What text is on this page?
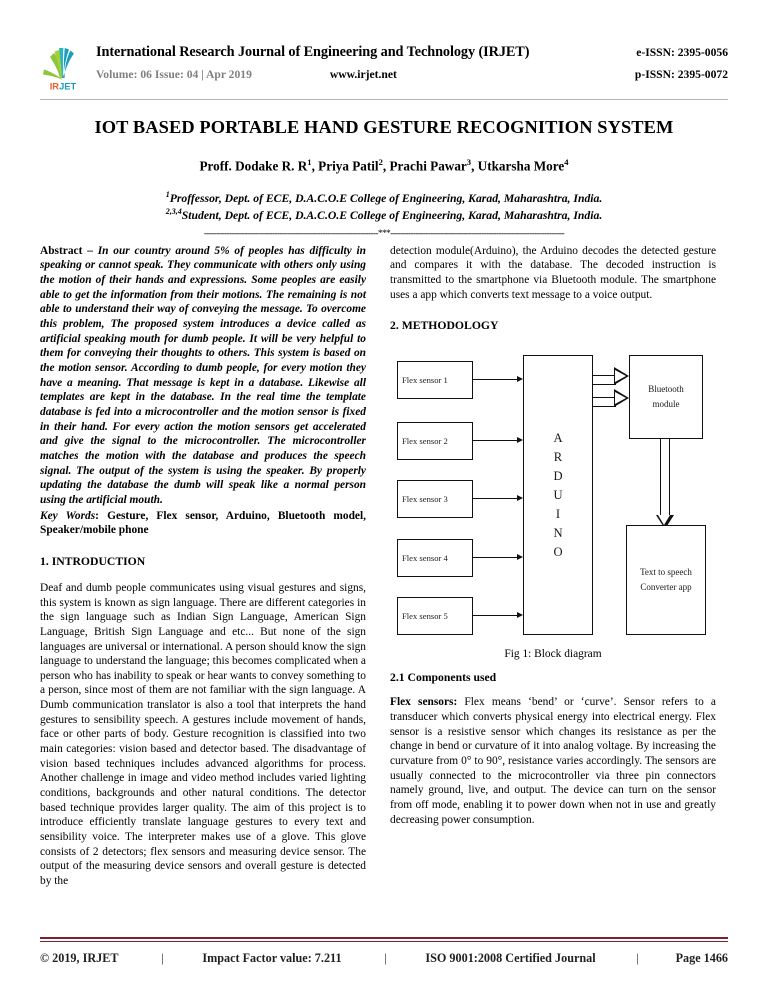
IRJET
International Research Journal of Engineering and Technology (IRJET)	e-ISSN: 2395-0056
Volume: 06 Issue: 04 | Apr 2019	www.irjet.net	p-ISSN: 2395-0072
IOT BASED PORTABLE HAND GESTURE RECOGNITION SYSTEM
Proff. Dodake R. $R^1$, Priya Patil$^2$, Prachi Pawar$^3$, Utkarsha More$^4$
$^1$Proffessor, Dept. of ECE, D.A.C.O.E College of Engineering, Karad, Maharashtra, India.
$^{2,3,4}$Student, Dept. of ECE, D.A.C.O.E College of Engineering, Karad, Maharashtra, India.
---------------------------------------------------------------------***---------------------------------------------------------------------

Abstract – In our country around 5% of peoples has difficulty in speaking or cannot speak. They communicate with others only using the motion of their hands and expressions. Some peoples are easily able to get the information from their motions. The remaining is not able to understand their way of conveying the message. To overcome this problem, The proposed system introduces a device called as artificial speaking mouth for dumb people. It will be very helpful to them for conveying their thoughts to others. This system is based on the motion sensor. According to dumb people, for every motion they have a meaning. That message is kept in a database. Likewise all templates are kept in the database. In the real time the template database is fed into a microcontroller and the motion sensor is fixed in their hand. For every action the motion sensors get accelerated and give the signal to the microcontroller. The microcontroller matches the motion with the database and produces the speech signal. The output of the system is using the speaker. By properly updating the database the dumb will speak like a normal person using the artificial mouth.

Key Words: Gesture, Flex sensor, Arduino, Bluetooth model, Speaker/mobile phone

1. INTRODUCTION

Deaf and dumb people communicates using visual gestures and signs, this system is known as sign language. There are different categories in the sign language such as Indian Sign Language, American Sign Language, British Sign Language and etc... But none of the sign languages are universal or international. A person should know the sign language to understand the language; this becomes complicated when a person who has inability to speak or hear wants to convey something to a person, since most of them are not familiar with the sign language. A Dumb communication translator is also a tool that interprets the hand gestures to sensibility speech. A gestures include movement of hands, face or other parts of body. Gesture recognition is classified into two main categories: vision based and detector based. The disadvantage of vision based techniques includes advanced algorithms for process. Another challenge in image and video method includes varied lighting conditions, backgrounds and other natural conditions. The detector based technique provides larger quality. The aim of this project is to introduce efficiently translate language gestures to every text and sensibility voice. The interpreter makes use of a glove. This glove consists of 2 detectors; flex sensors and measuring device sensor. The output of the measuring device sensors and overall gesture is detected by the

detection module(Arduino), the Arduino decodes the detected gesture and compares it with the database. The decoded instruction is transmitted to the smartphone via Bluetooth module. The smartphone uses a app which converts text message to a voice output.

2. METHODOLOGY
Flex sensor 1
Flex sensor 2
Flex sensor 3
Flex sensor 4
Flex sensor 5
A
R
D
U
I
N
O
Bluetooth
module
Text to speech
Converter app
Fig 1: Block diagram
2.1 Components used

Flex sensors: Flex means ‘bend’ or ‘curve’. Sensor refers to a transducer which converts physical energy into electrical energy. Flex sensor is a resistive sensor which changes its resistance as per the change in bend or curvature of it into analog voltage. By increasing the curvature from 0° to 90°, resistance varies accordingly. The sensors are usually connected to the microcontroller via three pin connectors namely ground, live, and output. The device can turn on the sensor from off mode, enabling it to power down when not in use and greatly decreasing power consumption.

© 2019, IRJET	|	Impact Factor value: 7.211	|	ISO 9001:2008 Certified Journal	|	Page 1466
